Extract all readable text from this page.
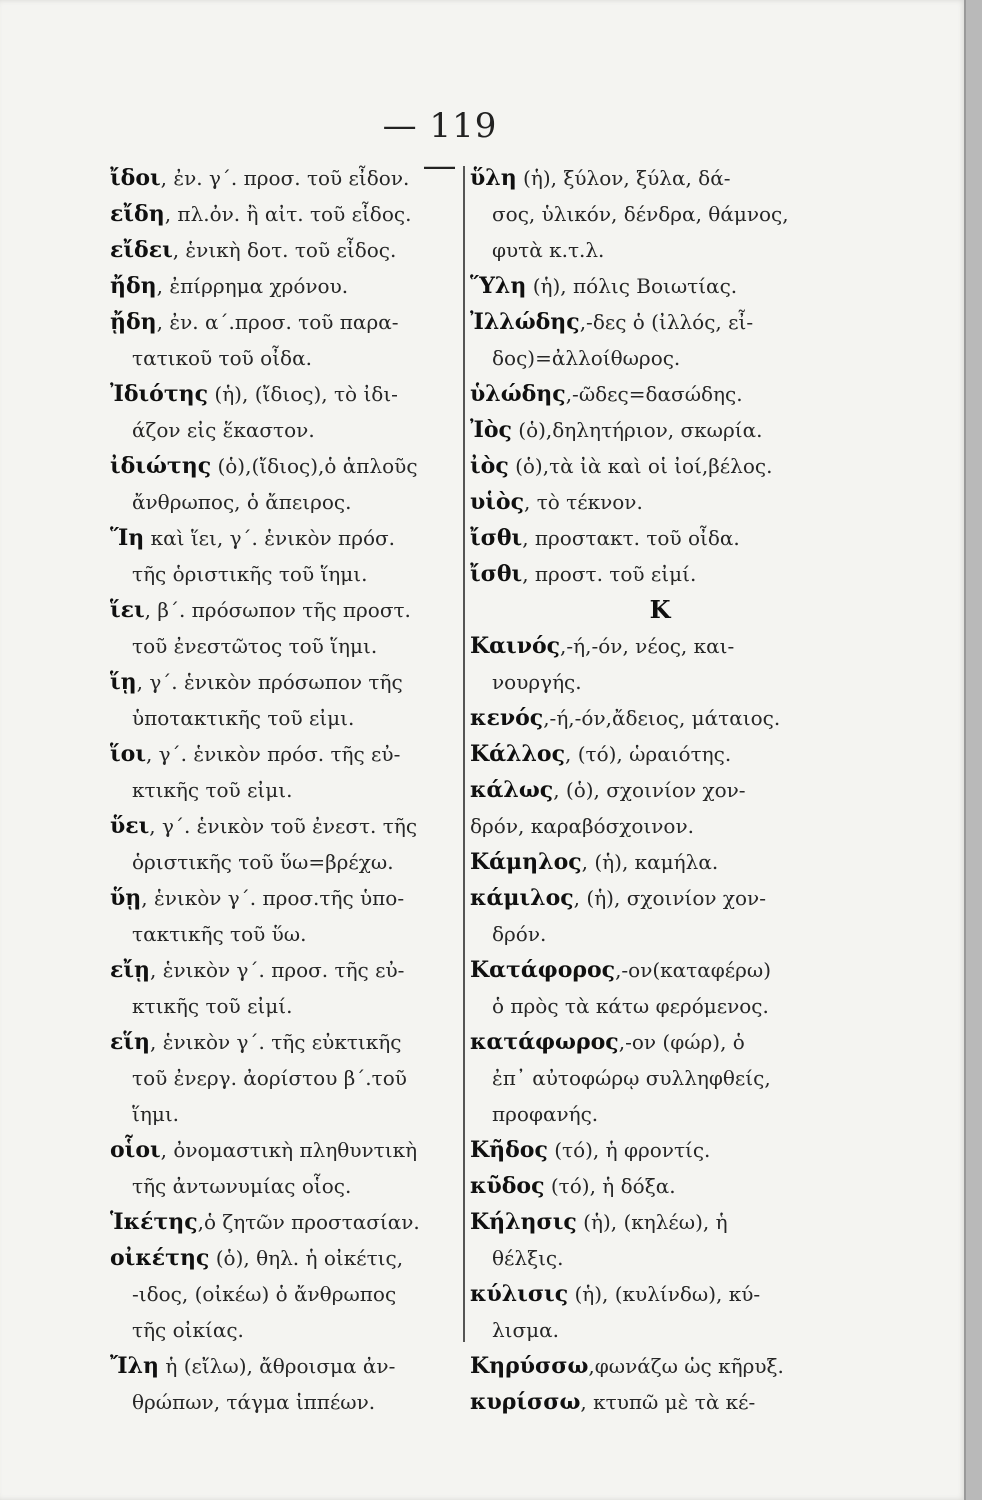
— 119 —
ἴδοι, ἐν. γ΄. προσ. τοῦ εἶδον.
εἴδη, πλ.ὀν. ἢ αἰτ. τοῦ εἶδος.
εἴδει, ἑνικὴ δοτ. τοῦ εἶδος.
ἤδη, ἐπίρρημα χρόνου.
ᾔδη, ἐν. α΄.προσ. τοῦ παρα-
τατικοῦ τοῦ οἶδα.
Ἰδιότης (ἡ), (ἴδιος), τὸ ἰδι-
άζον εἰς ἕκαστον.
ἰδιώτης (ὁ),(ἴδιος),ὁ ἁπλοῦς
ἄνθρωπος, ὁ ἄπειρος.
Ἵη καὶ ἵει, γ΄. ἑνικὸν πρόσ.
τῆς ὁριστικῆς τοῦ ἵημι.
ἵει, β΄. πρόσωπον τῆς προστ.
τοῦ ἐνεστῶτος τοῦ ἵημι.
ἵῃ, γ΄. ἑνικὸν πρόσωπον τῆς
ὑποτακτικῆς τοῦ εἰμι.
ἵοι, γ΄. ἑνικὸν πρόσ. τῆς εὐ-
κτικῆς τοῦ εἰμι.
ὕει, γ΄. ἑνικὸν τοῦ ἐνεστ. τῆς
ὁριστικῆς τοῦ ὕω=βρέχω.
ὕῃ, ἑνικὸν γ΄. προσ.τῆς ὑπο-
τακτικῆς τοῦ ὕω.
εἴῃ, ἑνικὸν γ΄. προσ. τῆς εὐ-
κτικῆς τοῦ εἰμί.
εἵη, ἑνικὸν γ΄. τῆς εὐκτικῆς
τοῦ ἐνεργ. ἀορίστου β΄.τοῦ
ἵημι.
οἷοι, ὀνομαστικὴ πληθυντικὴ
τῆς ἀντωνυμίας οἷος.
Ἱκέτης,ὁ ζητῶν προστασίαν.
οἰκέτης (ὁ), θηλ. ἡ οἰκέτις,
-ιδος, (οἰκέω) ὁ ἄνθρωπος
τῆς οἰκίας.
Ἴλη ἡ (εἴλω), ἄθροισμα ἀν-
θρώπων, τάγμα ἱππέων.
ὕλη (ἡ), ξύλον, ξύλα, δά-
σος, ὑλικόν, δένδρα, θάμνος,
φυτὰ κ.τ.λ.
Ὕλη (ἡ), πόλις Βοιωτίας.
Ἰλλώδης,-δες ὁ (ἰλλός, εἶ-
δος)=ἀλλοίθωρος.
ὑλώδης,-ῶδες=δασώδης.
Ἰὸς (ὁ),δηλητήριον, σκωρία.
ἰὸς (ὁ),τὰ ἰὰ καὶ οἱ ἰοί,βέλος.
υἱὸς, τὸ τέκνον.
ἴσθι, προστακτ. τοῦ οἶδα.
ἴσθι, προστ. τοῦ εἰμί.
K
Καινός,-ή,-όν, νέος, και-
νουργής.
κενός,-ή,-όν,ἄδειος, μάταιος.
Κάλλος, (τό), ὡραιότης.
κάλως, (ὁ), σχοινίον χον-
δρόν, καραβόσχοινον.
Κάμηλος, (ἡ), καμήλα.
κάμιλος, (ἡ), σχοινίον χον-
δρόν.
Κατάφορος,-ον(καταφέρω)
ὁ πρὸς τὰ κάτω φερόμενος.
κατάφωρος,-ον (φώρ), ὁ
ἐπ᾽ αὐτοφώρῳ συλληφθείς,
προφανής.
Κῆδος (τό), ἡ φροντίς.
κῦδος (τό), ἡ δόξα.
Κήλησις (ἡ), (κηλέω), ἡ
θέλξις.
κύλισις (ἡ), (κυλίνδω), κύ-
λισμα.
Κηρύσσω,φωνάζω ὡς κῆρυξ.
κυρίσσω, κτυπῶ μὲ τὰ κέ-
